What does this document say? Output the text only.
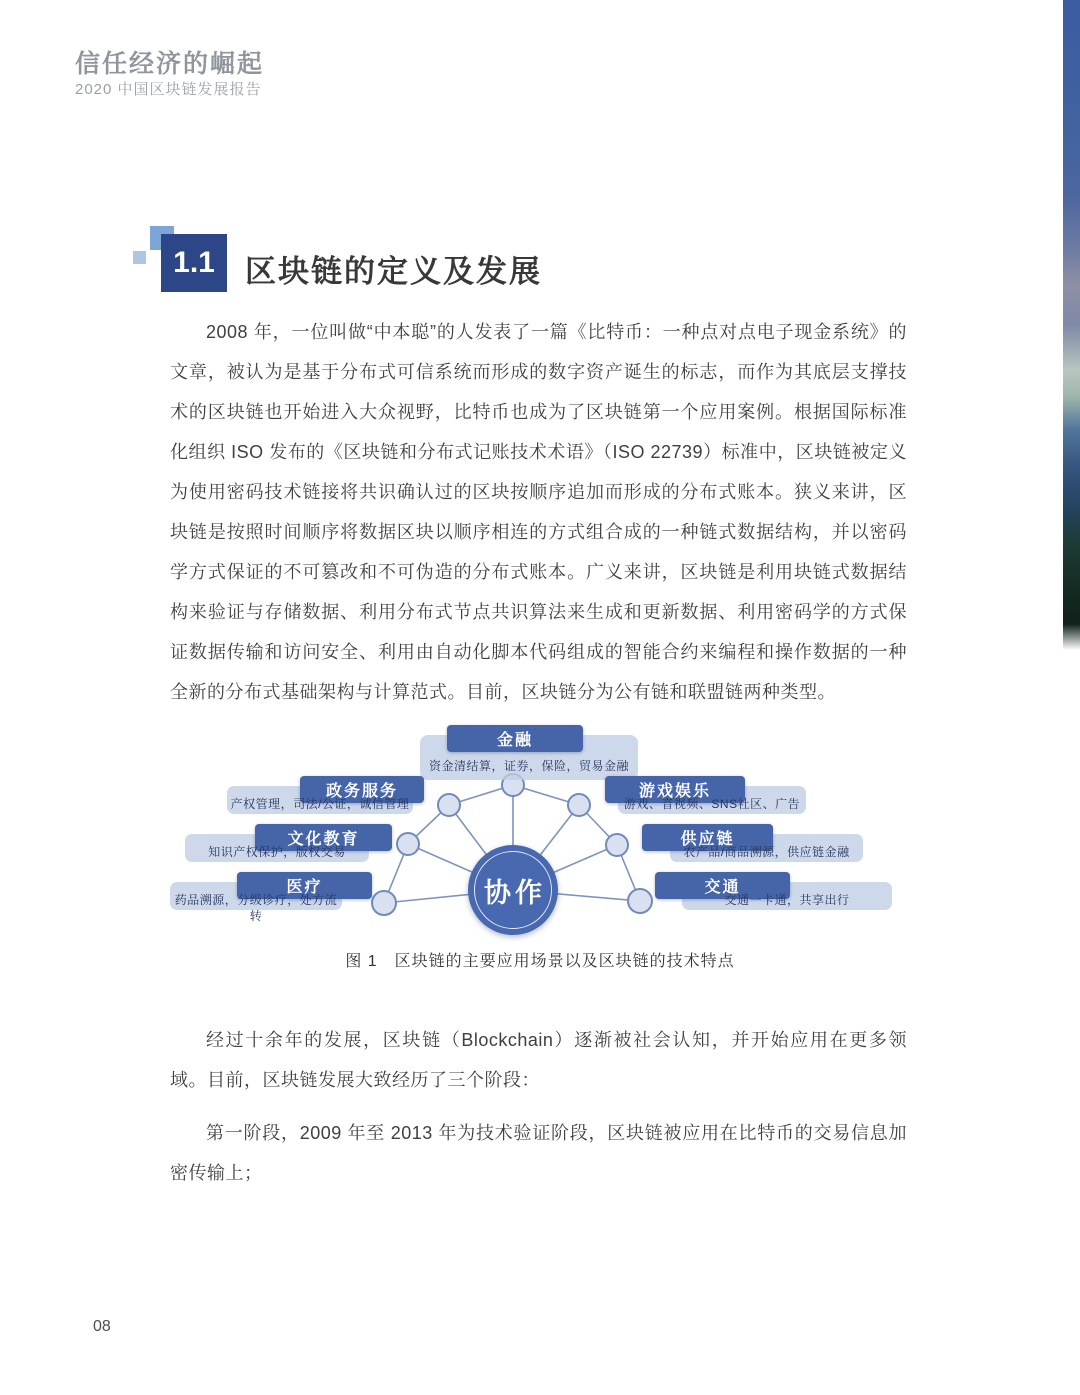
信任经济的崛起
2020 中国区块链发展报告
1.1 区块链的定义及发展
2008 年，一位叫做“中本聪”的人发表了一篇《比特币：一种点对点电子现金系统》的文章，被认为是基于分布式可信系统而形成的数字资产诞生的标志，而作为其底层支撑技术的区块链也开始进入大众视野，比特币也成为了区块链第一个应用案例。根据国际标准化组织 ISO 发布的《区块链和分布式记账技术术语》（ISO 22739）标准中，区块链被定义为使用密码技术链接将共识确认过的区块按顺序追加而形成的分布式账本。狭义来讲，区块链是按照时间顺序将数据区块以顺序相连的方式组合成的一种链式数据结构，并以密码学方式保证的不可篡改和不可伪造的分布式账本。广义来讲，区块链是利用块链式数据结构来验证与存储数据、利用分布式节点共识算法来生成和更新数据、利用密码学的方式保证数据传输和访问安全、利用由自动化脚本代码组成的智能合约来编程和操作数据的一种全新的分布式基础架构与计算范式。目前，区块链分为公有链和联盟链两种类型。
金融
资金清结算，证券，保险，贸易金融
政务服务
产权管理，司法/公证，诚信管理
文化教育
知识产权保护，版权交易
医疗
药品溯源，分级诊疗，处方流转
游戏娱乐
游戏、音视频、SNS社区、广告
供应链
农产品/商品溯源，供应链金融
交通
交通一卡通，共享出行
协作
图 1　区块链的主要应用场景以及区块链的技术特点
经过十余年的发展，区块链（Blockchain）逐渐被社会认知，并开始应用在更多领域。目前，区块链发展大致经历了三个阶段：
第一阶段，2009 年至 2013 年为技术验证阶段，区块链被应用在比特币的交易信息加密传输上；
08
